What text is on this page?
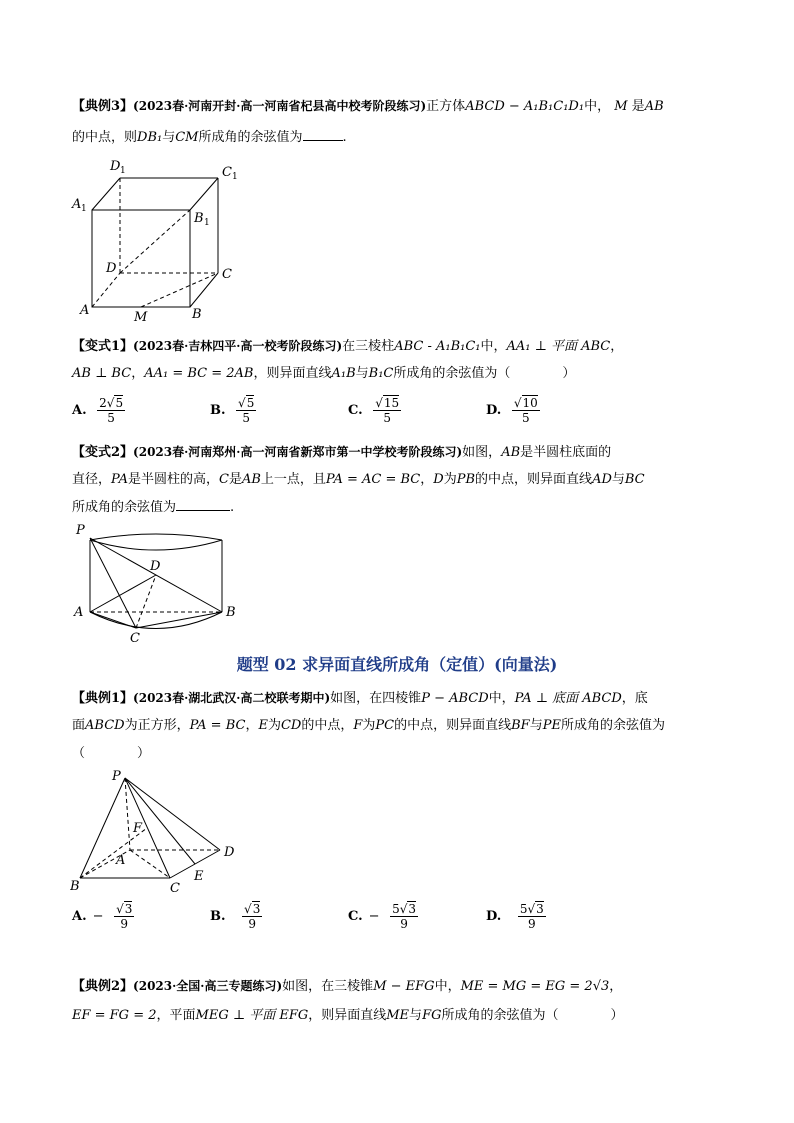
【典例3】(2023春·河南开封·高一河南省杞县高中校考阶段练习)正方体ABCD − A₁B₁C₁D₁中， M 是AB
的中点，则DB₁与CM所成角的余弦值为	.
D 1	C 1
A 1
B 1
D	C
A	B
M
【变式1】(2023春·吉林四平·高一校考阶段练习)在三棱柱ABC - A₁B₁C₁中，AA₁ ⊥ 平面 ABC，
AB ⊥ BC，AA₁ = BC = 2AB，则异面直线A₁B与B₁C所成角的余弦值为（　　　　）
A. $\frac{2√5}{5}$	B. $\frac{√5}{5}$	C. $\frac{√15}{5}$	D. $\frac{√10}{5}$
【变式2】(2023春·河南郑州·高一河南省新郑市第一中学校考阶段练习)如图，AB是半圆柱底面的
直径，PA是半圆柱的高，C是AB上一点，且PA = AC = BC，D为PB的中点，则异面直线AD与BC
所成角的余弦值为	.
P
D
A	B
C
题型 02 求异面直线所成角（定值）(向量法)
【典例1】(2023春·湖北武汉·高二校联考期中)如图，在四棱锥P − ABCD中，PA ⊥ 底面 ABCD，底
面ABCD为正方形，PA = BC，E为CD的中点，F为PC的中点，则异面直线BF与PE所成角的余弦值为
（　　　　）
P
F
A
B	C
D
E
A. − $\frac{√3}{9}$	B. $\frac{√3}{9}$	C. − $\frac{5√3}{9}$	D. $\frac{5√3}{9}$
【典例2】(2023·全国·高三专题练习)如图，在三棱锥M − EFG中，ME = MG = EG = 2√3，
EF = FG = 2，平面MEG ⊥ 平面 EFG，则异面直线ME与FG所成角的余弦值为（　　　　）
